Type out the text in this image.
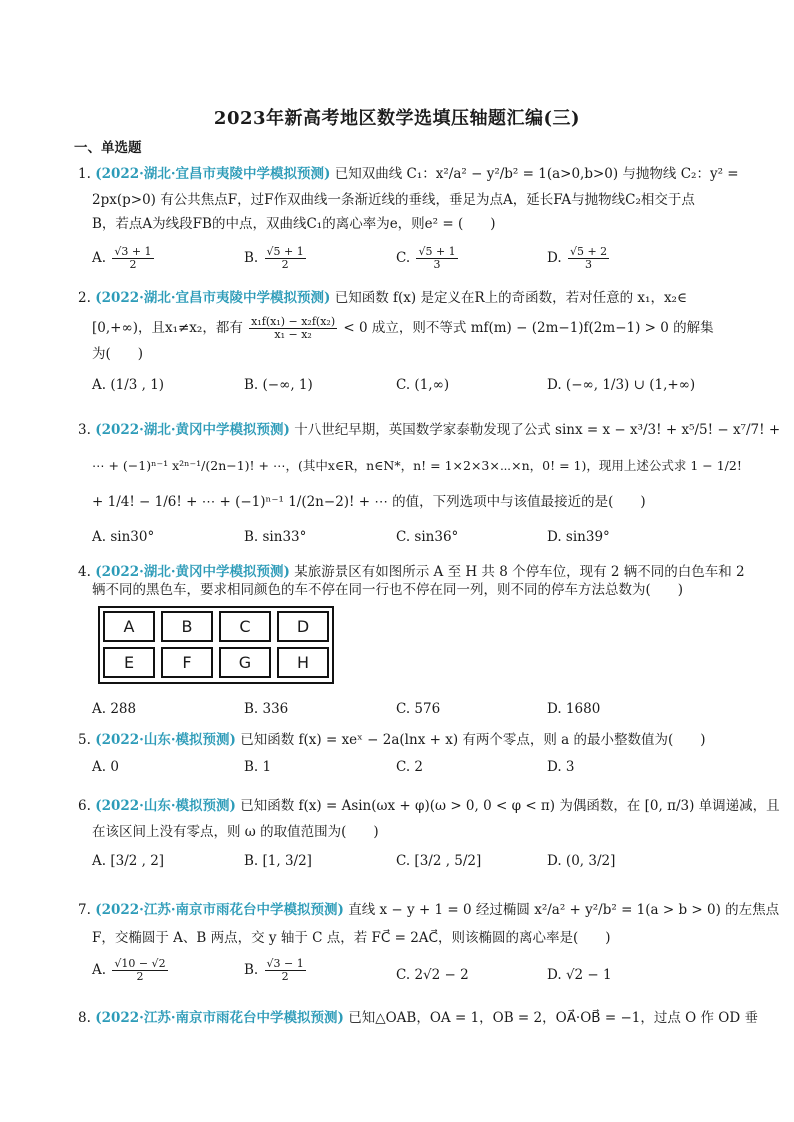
2023年新高考地区数学选填压轴题汇编(三)
一、单选题
1. (2022·湖北·宜昌市夷陵中学模拟预测) 已知双曲线 C₁：x²/a² − y²/b² = 1(a>0,b>0) 与抛物线 C₂：y² =
2px(p>0) 有公共焦点F，过F作双曲线一条渐近线的垂线，垂足为点A，延长FA与抛物线C₂相交于点
B，若点A为线段FB的中点，双曲线C₁的离心率为e，则e² = (　　)
A. $\frac{√3 + 1}{2}$	B. $\frac{√5 + 1}{2}$	C. $\frac{√5 + 1}{3}$	D. $\frac{√5 + 2}{3}$
2. (2022·湖北·宜昌市夷陵中学模拟预测) 已知函数 f(x) 是定义在R上的奇函数，若对任意的 x₁，x₂∈
[0,+∞)，且x₁≠x₂，都有 $\frac{\text{x₁f(x₁) − x₂f(x₂)}}{\text{x₁ − x₂}} < 0$ 成立，则不等式 mf(m) − (2m−1)f(2m−1) > 0 的解集
为(　　)
A. (1/3 , 1)	B. (−∞, 1)	C. (1,∞)	D. (−∞, 1/3) ∪ (1,+∞)
3. (2022·湖北·黄冈中学模拟预测) 十八世纪早期，英国数学家泰勒发现了公式 sinx = x − x³/3! + x⁵/5! − x⁷/7! +
⋯ + (−1)ⁿ⁻¹ x²ⁿ⁻¹/(2n−1)! + ⋯，(其中x∈R，n∈N*，n! = 1×2×3×⋯×n，0! = 1)，现用上述公式求 1 − 1/2!
+ 1/4! − 1/6! + ⋯ + (−1)ⁿ⁻¹ 1/(2n−2)! + ⋯ 的值，下列选项中与该值最接近的是(　　)
A. sin30°	B. sin33°	C. sin36°	D. sin39°
4. (2022·湖北·黄冈中学模拟预测) 某旅游景区有如图所示 A 至 H 共 8 个停车位，现有 2 辆不同的白色车和 2
辆不同的黑色车，要求相同颜色的车不停在同一行也不停在同一列，则不同的停车方法总数为(　　)
A	B	C	D
E	F	G	H
A. 288	B. 336	C. 576	D. 1680
5. (2022·山东·模拟预测) 已知函数 f(x) = xeˣ − 2a(lnx + x) 有两个零点，则 a 的最小整数值为(　　)
A. 0	B. 1	C. 2	D. 3
6. (2022·山东·模拟预测) 已知函数 f(x) = Asin(ωx + φ)(ω > 0, 0 < φ < π) 为偶函数，在 [0, π/3) 单调递减，且
在该区间上没有零点，则 ω 的取值范围为(　　)
A. [3/2 , 2]	B. [1, 3/2]	C. [3/2 , 5/2]	D. (0, 3/2]
7. (2022·江苏·南京市雨花台中学模拟预测) 直线 x − y + 1 = 0 经过椭圆 x²/a² + y²/b² = 1(a > b > 0) 的左焦点
F，交椭圆于 A、B 两点，交 y 轴于 C 点，若 FC⃗ = 2AC⃗，则该椭圆的离心率是(　　)
A. $\frac{√10 - √2}{2}$	B. $\frac{√3 - 1}{2}$	C. 2√2 − 2	D. √2 − 1
8. (2022·江苏·南京市雨花台中学模拟预测) 已知△OAB，OA = 1，OB = 2，OA⃗·OB⃗ = −1，过点 O 作 OD 垂
